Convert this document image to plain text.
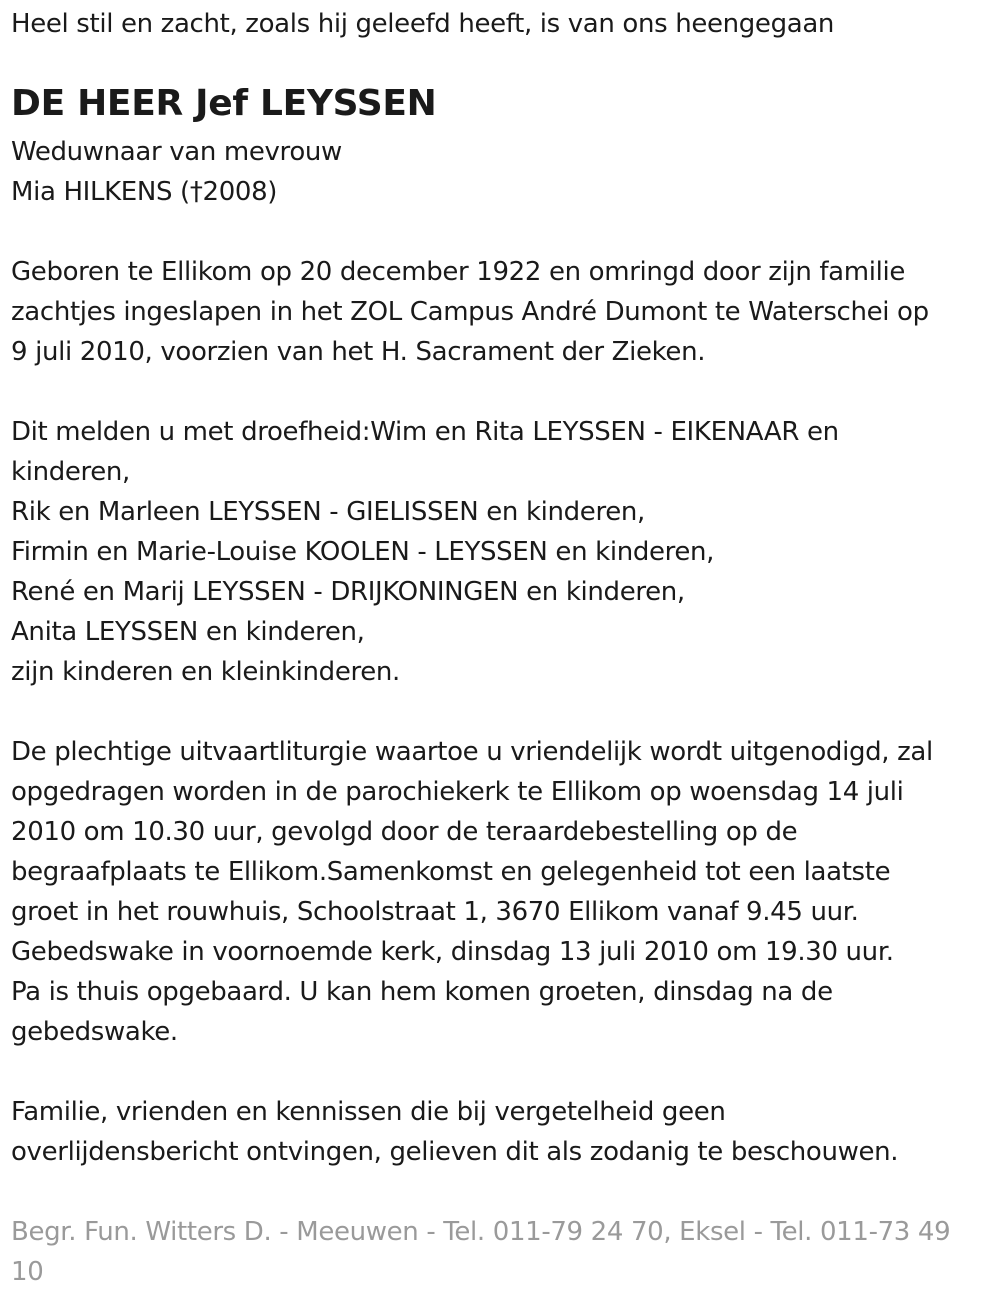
Heel stil en zacht, zoals hij geleefd heeft, is van ons heengegaan
DE HEER Jef LEYSSEN
Weduwnaar van mevrouw
Mia HILKENS (†2008)
Geboren te Ellikom op 20 december 1922 en omringd door zijn familie
zachtjes ingeslapen in het ZOL Campus André Dumont te Waterschei op
9 juli 2010, voorzien van het H. Sacrament der Zieken.
Dit melden u met droefheid:Wim en Rita LEYSSEN - EIKENAAR en
kinderen,
Rik en Marleen LEYSSEN - GIELISSEN en kinderen,
Firmin en Marie-Louise KOOLEN - LEYSSEN en kinderen,
René en Marij LEYSSEN - DRIJKONINGEN en kinderen,
Anita LEYSSEN en kinderen,
zijn kinderen en kleinkinderen.
De plechtige uitvaartliturgie waartoe u vriendelijk wordt uitgenodigd, zal
opgedragen worden in de parochiekerk te Ellikom op woensdag 14 juli
2010 om 10.30 uur, gevolgd door de teraardebestelling op de
begraafplaats te Ellikom.Samenkomst en gelegenheid tot een laatste
groet in het rouwhuis, Schoolstraat 1, 3670 Ellikom vanaf 9.45 uur.
Gebedswake in voornoemde kerk, dinsdag 13 juli 2010 om 19.30 uur.
Pa is thuis opgebaard. U kan hem komen groeten, dinsdag na de
gebedswake.
Familie, vrienden en kennissen die bij vergetelheid geen
overlijdensbericht ontvingen, gelieven dit als zodanig te beschouwen.
Begr. Fun. Witters D. - Meeuwen - Tel. 011-79 24 70, Eksel - Tel. 011-73 49
10
